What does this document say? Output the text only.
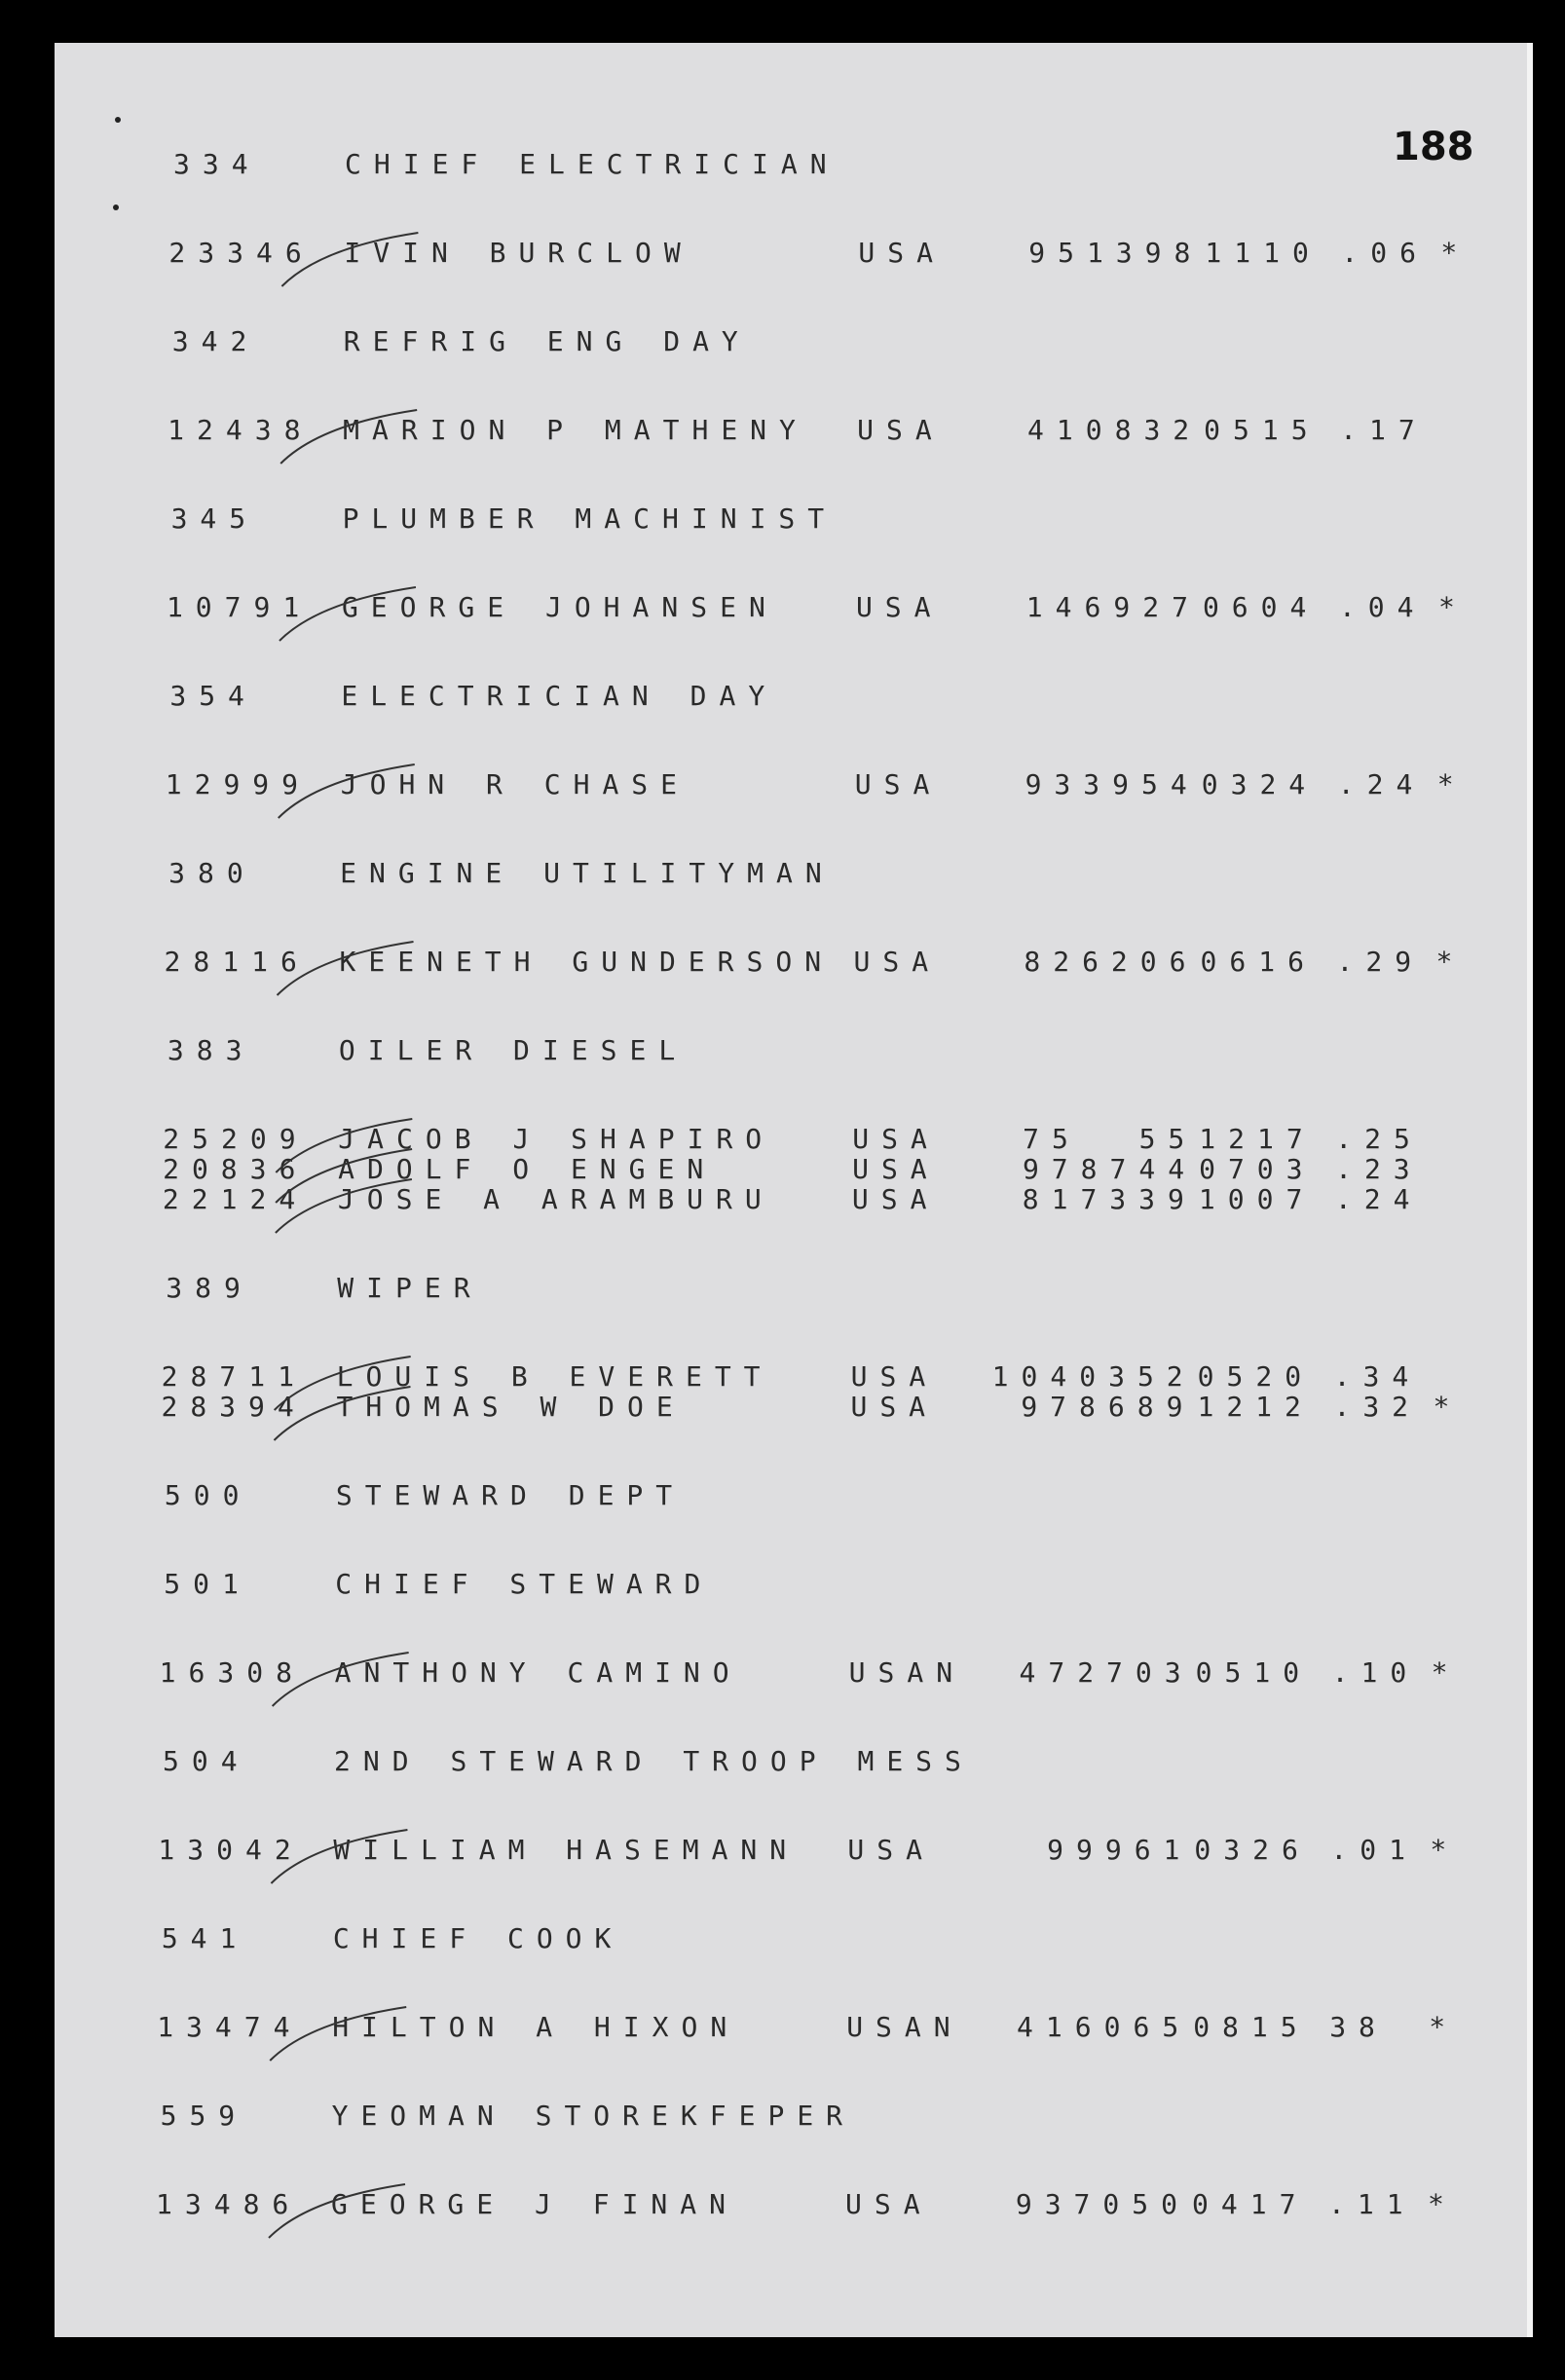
188
334	CHIEF ELECTRICIAN
23346 IVIN BURCLOW	USA	951398 1110 .06 *
342	REFRIG ENG DAY
12438 MARION P MATHENY USA	410832 0515 .17
345	PLUMBER MACHINIST
10791 GEORGE JOHANSEN	USA	146927 0604 .04 *
354	ELECTRICIAN DAY
12999 JOHN R CHASE	USA	933954 0324 .24 *
380	ENGINE UTILITYMAN
28116 KEENETH GUNDERSON USA	826206 0616 .29 *
383	OILER DIESEL
25209 JACOB J SHAPIRO	USA	75  55 1217 .25
20836 ADOLF O ENGEN	USA	978744 0703 .23
22124 JOSE A ARAMBURU	USA	817339 1007 .24
389	WIPER
28711 LOUIS B EVERETT	USA	1040352 0520 .34
28394 THOMAS W DOE	USA	978689 1212 .32 *
500	STEWARD DEPT
501	CHIEF STEWARD
16308 ANTHONY CAMINO	USAN	472703 0510 .10 *
504	2ND STEWARD TROOP MESS
13042 WILLIAM HASEMANN USA	99961 0326 .01 *
541	CHIEF COOK
13474 HILTON A HIXON	USAN	416065 0815 38 *
559	YEOMAN STOREKFEPER
13486 GEORGE J FINAN	USA	937050 0417 .11 *
